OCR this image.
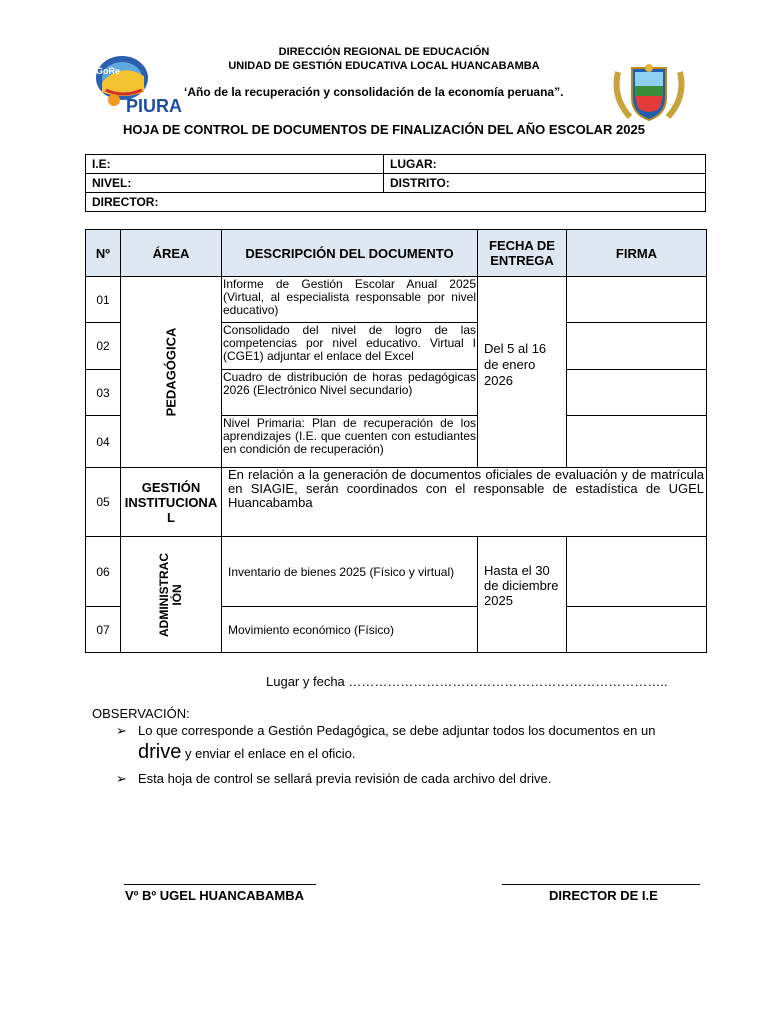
GoRe
PIURA
DIRECCIÓN REGIONAL DE EDUCACIÓN
UNIDAD DE GESTIÓN EDUCATIVA LOCAL HUANCABAMBA
‘Año de la recuperación y consolidación de la economía peruana”.
HOJA DE CONTROL DE DOCUMENTOS DE FINALIZACIÓN DEL AÑO ESCOLAR 2025
I.E:	LUGAR:
NIVEL:	DISTRITO:
DIRECTOR:	
Nº	ÁREA	DESCRIPCIÓN DEL DOCUMENTO	FECHA DE ENTREGA	FIRMA
01	PEDAGÓGICA	Informe de Gestión Escolar Anual 2025 (Virtual, al especialista responsable por nivel educativo)	Del 5 al 16 de enero 2026	
02		Consolidado del nivel de logro de las competencias por nivel educativo. Virtual I (CGE1) adjuntar el enlace del Excel		
03		Cuadro de distribución de horas pedagógicas 2026 (Electrónico Nivel secundario)		
04		Nivel Primaria: Plan de recuperación de los aprendizajes (I.E. que cuenten con estudiantes en condición de recuperación)		
05	GESTIÓN INSTITUCIONA L	En relación a la generación de documentos oficiales de evaluación y de matrícula en SIAGIE, serán coordinados con el responsable de estadística de UGEL Huancabamba		
06	ADMINISTRAC IÓN	Inventario de bienes 2025 (Físico y virtual)	Hasta el 30 de diciembre 2025	
07		Movimiento económico (Físico)		
Lugar y fecha ………………………………………………………………..
OBSERVACIÓN:
➢ Lo que corresponde a Gestión Pedagógica, se debe adjuntar todos los documentos en un
drive y enviar el enlace en el oficio.
➢ Esta hoja de control se sellará previa revisión de cada archivo del drive.
Vº Bº UGEL HUANCABAMBA	DIRECTOR DE I.E
